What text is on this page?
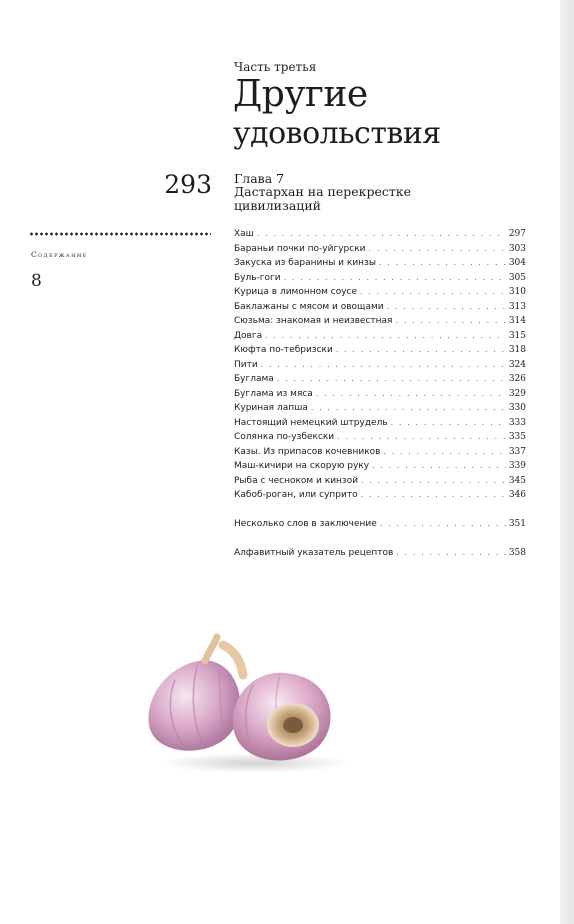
Часть третья
Другие
удовольствия
293 Глава 7
Дастархан на перекрестке цивилизаций
Содержание
8
Хаш . . .	297
Бараньи почки по-уйгурски . . .	303
Закуска из баранины и кинзы . . .	304
Буль-гоги . . .	305
Курица в лимонном соусе . . .	310
Баклажаны с мясом и овощами . . .	313
Сюзьма: знакомая и неизвестная . . .	314
Довга . . .	315
Кюфта по-тебризски . . .	318
Пити . . .	324
Буглама . . .	326
Буглама из мяса . . .	329
Куриная лапша . . .	330
Настоящий немецкий штрудель . . .	333
Солянка по-узбекски . . .	335
Казы. Из припасов кочевников . . .	337
Маш-кичири на скорую руку . . .	339
Рыба с чесноком и кинзой . . .	345
Кабоб-роган, или суприто . . .	346
Несколько слов в заключение . . .	351
Алфавитный указатель рецептов . . .	358
